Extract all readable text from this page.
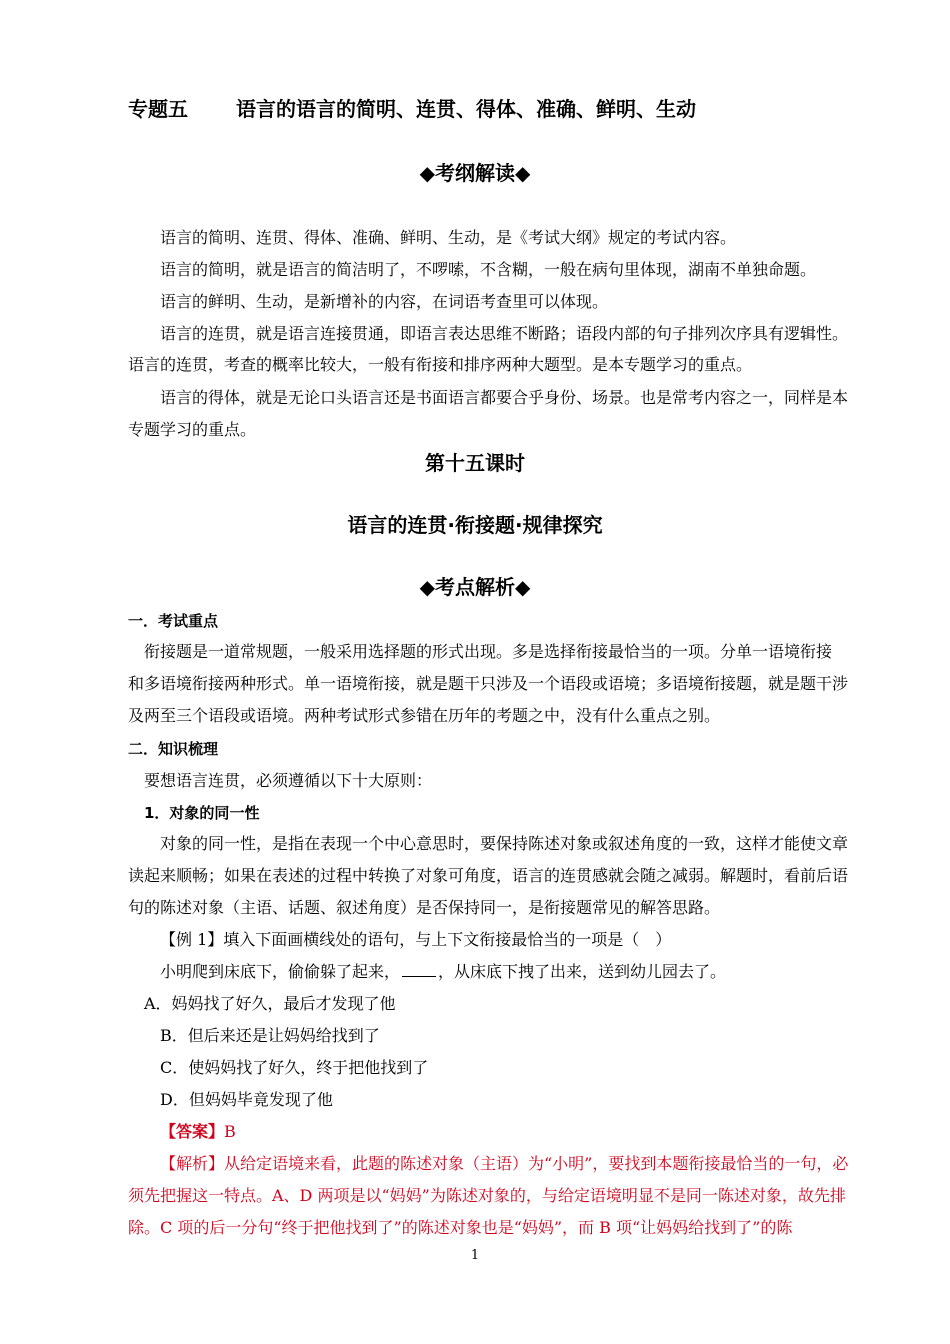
专题五 语言的语言的简明、连贯、得体、准确、鲜明、生动
◆考纲解读◆
语言的简明、连贯、得体、准确、鲜明、生动，是《考试大纲》规定的考试内容。
语言的简明，就是语言的简洁明了，不啰嗦，不含糊，一般在病句里体现，湖南不单独命题。
语言的鲜明、生动，是新增补的内容，在词语考查里可以体现。
语言的连贯，就是语言连接贯通，即语言表达思维不断路；语段内部的句子排列次序具有逻辑性。
语言的连贯，考查的概率比较大，一般有衔接和排序两种大题型。是本专题学习的重点。
语言的得体，就是无论口头语言还是书面语言都要合乎身份、场景。也是常考内容之一，同样是本
专题学习的重点。
第十五课时
语言的连贯·衔接题·规律探究
◆考点解析◆
一．考试重点
衔接题是一道常规题，一般采用选择题的形式出现。多是选择衔接最恰当的一项。分单一语境衔接
和多语境衔接两种形式。单一语境衔接，就是题干只涉及一个语段或语境；多语境衔接题，就是题干涉
及两至三个语段或语境。两种考试形式参错在历年的考题之中，没有什么重点之别。
二．知识梳理
要想语言连贯，必须遵循以下十大原则：
1．对象的同一性
对象的同一性，是指在表现一个中心意思时，要保持陈述对象或叙述角度的一致，这样才能使文章
读起来顺畅；如果在表述的过程中转换了对象可角度，语言的连贯感就会随之减弱。解题时，看前后语
句的陈述对象（主语、话题、叙述角度）是否保持同一，是衔接题常见的解答思路。
【例 1】填入下面画横线处的语句，与上下文衔接最恰当的一项是（　）
小明爬到床底下，偷偷躲了起来， ，从床底下拽了出来，送到幼儿园去了。
A．妈妈找了好久，最后才发现了他
B．但后来还是让妈妈给找到了
C．使妈妈找了好久，终于把他找到了
D．但妈妈毕竟发现了他
【答案】B
【解析】从给定语境来看，此题的陈述对象（主语）为“小明”，要找到本题衔接最恰当的一句，必
须先把握这一特点。A、D 两项是以“妈妈”为陈述对象的，与给定语境明显不是同一陈述对象，故先排
除。C 项的后一分句“终于把他找到了”的陈述对象也是“妈妈”，而 B 项“让妈妈给找到了”的陈
1
